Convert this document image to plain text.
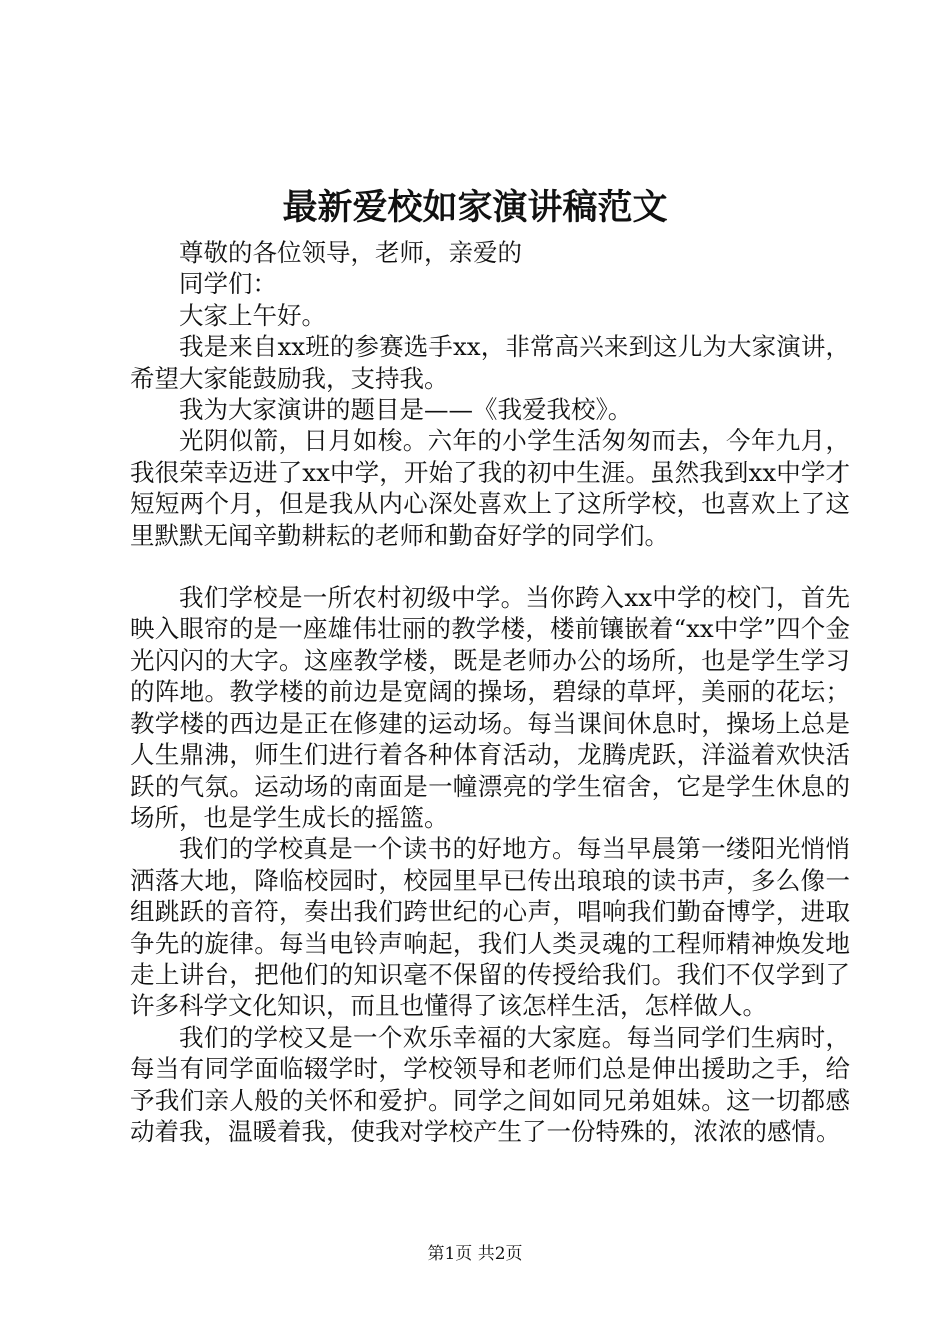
最新爱校如家演讲稿范文

尊敬的各位领导，老师，亲爱的

同学们：

大家上午好。

我是来自xx班的参赛选手xx，非常高兴来到这儿为大家演讲，希望大家能鼓励我，支持我。

我为大家演讲的题目是——《我爱我校》。

光阴似箭，日月如梭。六年的小学生活匆匆而去，今年九月，我很荣幸迈进了xx中学，开始了我的初中生涯。虽然我到xx中学才短短两个月，但是我从内心深处喜欢上了这所学校，也喜欢上了这里默默无闻辛勤耕耘的老师和勤奋好学的同学们。

我们学校是一所农村初级中学。当你跨入xx中学的校门，首先映入眼帘的是一座雄伟壮丽的教学楼，楼前镶嵌着“xx中学”四个金光闪闪的大字。这座教学楼，既是老师办公的场所，也是学生学习的阵地。教学楼的前边是宽阔的操场，碧绿的草坪，美丽的花坛；教学楼的西边是正在修建的运动场。每当课间休息时，操场上总是人生鼎沸，师生们进行着各种体育活动，龙腾虎跃，洋溢着欢快活跃的气氛。运动场的南面是一幢漂亮的学生宿舍，它是学生休息的场所，也是学生成长的摇篮。

我们的学校真是一个读书的好地方。每当早晨第一缕阳光悄悄洒落大地，降临校园时，校园里早已传出琅琅的读书声，多么像一组跳跃的音符，奏出我们跨世纪的心声，唱响我们勤奋博学，进取争先的旋律。每当电铃声响起，我们人类灵魂的工程师精神焕发地走上讲台，把他们的知识毫不保留的传授给我们。我们不仅学到了许多科学文化知识，而且也懂得了该怎样生活，怎样做人。

我们的学校又是一个欢乐幸福的大家庭。每当同学们生病时，每当有同学面临辍学时，学校领导和老师们总是伸出援助之手，给予我们亲人般的关怀和爱护。同学之间如同兄弟姐妹。这一切都感动着我，温暖着我，使我对学校产生了一份特殊的，浓浓的感情。

第1页 共2页
